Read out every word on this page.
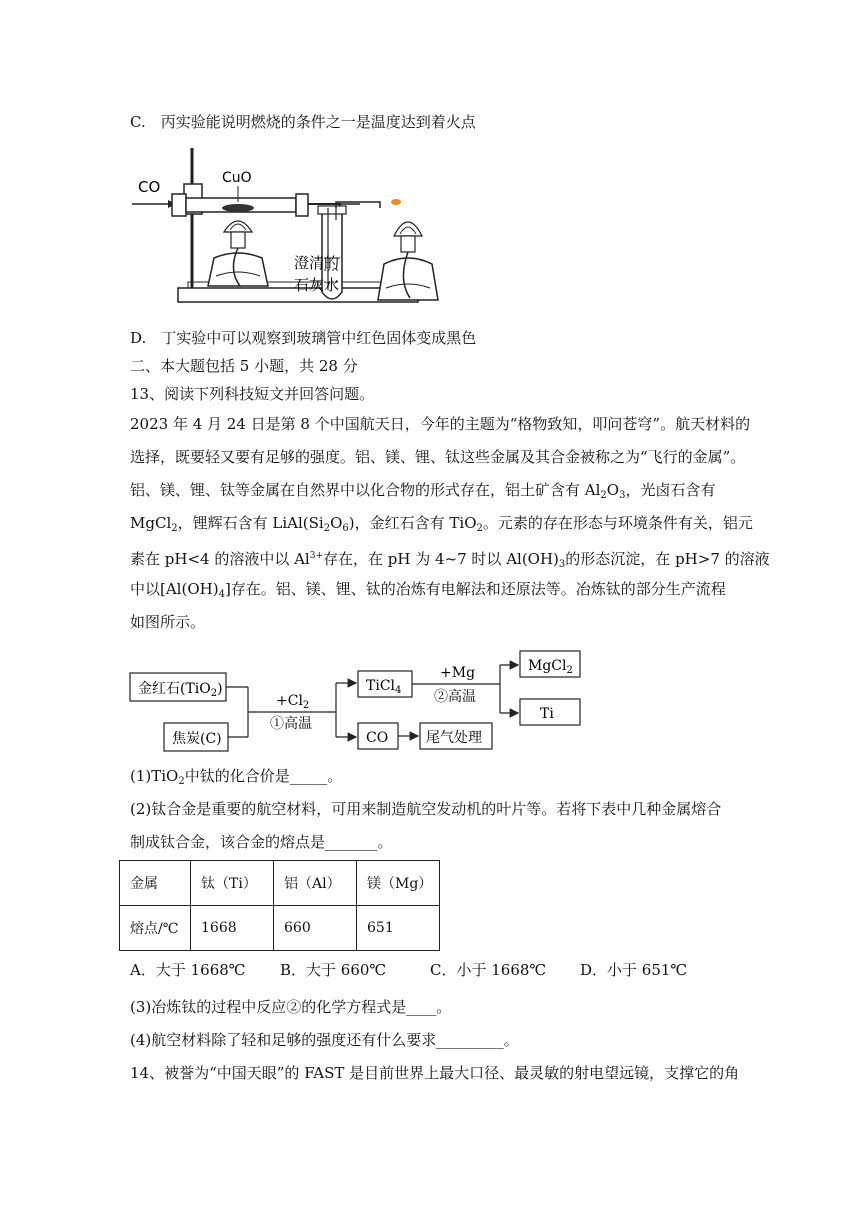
C.　丙实验能说明燃烧的条件之一是温度达到着火点
CO	CuO
澄清的
石灰水
D.　丁实验中可以观察到玻璃管中红色固体变成黑色
二、本大题包括 5 小题，共 28 分
13、阅读下列科技短文并回答问题。
2023 年 4 月 24 日是第 8 个中国航天日，今年的主题为“格物致知，叩问苍穹”。航天材料的
选择，既要轻又要有足够的强度。铝、镁、锂、钛这些金属及其合金被称之为“飞行的金属”。
铝、镁、锂、钛等金属在自然界中以化合物的形式存在，铝土矿含有 $Al_2O_3$，光卤石含有
MgCl$_2$，锂辉石含有 $LiAl(Si_2O_6)$，金红石含有 TiO$_2$。元素的存在形态与环境条件有关，铝元
素在 pH<4 的溶液中以 $Al^{3+}$存在，在 pH 为 4~7 时以 $Al(OH)_3$的形态沉淀，在 pH>7 的溶液
中以$[Al(OH)_4]$存在。铝、镁、锂、钛的冶炼有电解法和还原法等。冶炼钛的部分生产流程
如图所示。
金红石(TiO$_2$)
焦炭(C)
$+Cl_2$
①高温
TiCl$_4$
CO	尾气处理
+Mg
②高温
MgCl$_2$
Ti
(1)TiO$_2$中钛的化合价是_____。
(2)钛合金是重要的航空材料，可用来制造航空发动机的叶片等。若将下表中几种金属熔合
制成钛合金，该合金的熔点是_______。
金属	钛（Ti）	铝（Al）	镁（Mg）
熔点/℃	1668	660	651
A．大于 1668℃ B．大于 660℃	C．小于 1668℃ D．小于 651℃
(3)冶炼钛的过程中反应②的化学方程式是____。
(4)航空材料除了轻和足够的强度还有什么要求_________。
14、被誉为“中国天眼”的 FAST 是目前世界上最大口径、最灵敏的射电望远镜，支撑它的角
